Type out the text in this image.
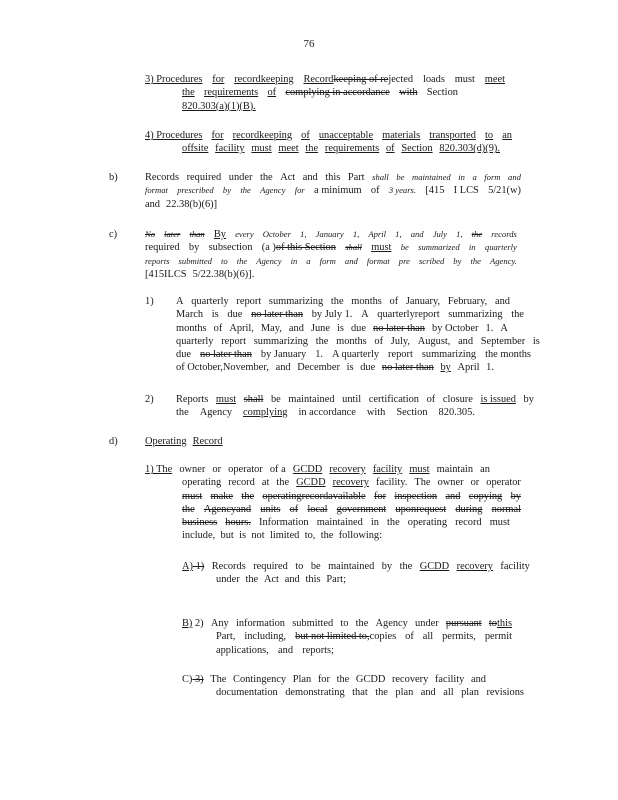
76
3) Procedures for recordkeeping Recordkeeping of rejected loads must meet
the requirements of complying in accordance with Section
820.303(a)(1)(B).
4) Procedures for recordkeeping of unacceptable materials transported to an
offsite facility must meet the requirements of Section 820.303(d)(9).
b)	Records required under the Act and this Part shall be maintained in a form and
format prescribed by the Agency for a minimum of 3 years. [415 I LCS 5/21(w)
and 22.38(b)(6)]
c)	No later than By every October 1, January 1, April 1, and July 1, the records
required by subsection (a )of this Section shall must be summarized in quarterly
reports submitted to the Agency in a form and format pre scribed by the Agency.
[415ILCS 5/22.38(b)(6)].
1) A quarterly report summarizing the months of January, February, and
March is due no later than by July 1. A quarterlyreport summarizing the
months of April, May, and June is due no later than by October 1. A
quarterly report summarizing the months of July, August, and September is
due no later than by January 1. A quarterly report summarizing the months
of October,November, and December is due no later than by April 1.
2) Reports must shall be maintained until certification of closure is issued by
the Agency complying in accordance with Section 820.305.
d)	Operating Record
1) The owner or operator of a GCDD recovery facility must maintain an
operating record at the GCDD recovery facility. The owner or operator
must make the operatingrecordavailable for inspection and copying by
the Agencyand units of local government uponrequest during normal
business hours. Information maintained in the operating record must
include, but is not limited to, the following:
A) 1) Records required to be maintained by the GCDD recovery facility
under the Act and this Part;
B) 2) Any information submitted to the Agency under pursuant tothis
Part, including, but not limited to,copies of all permits, permit
applications, and reports;
C) 3) The Contingency Plan for the GCDD recovery facility and
documentation demonstrating that the plan and all plan revisions
